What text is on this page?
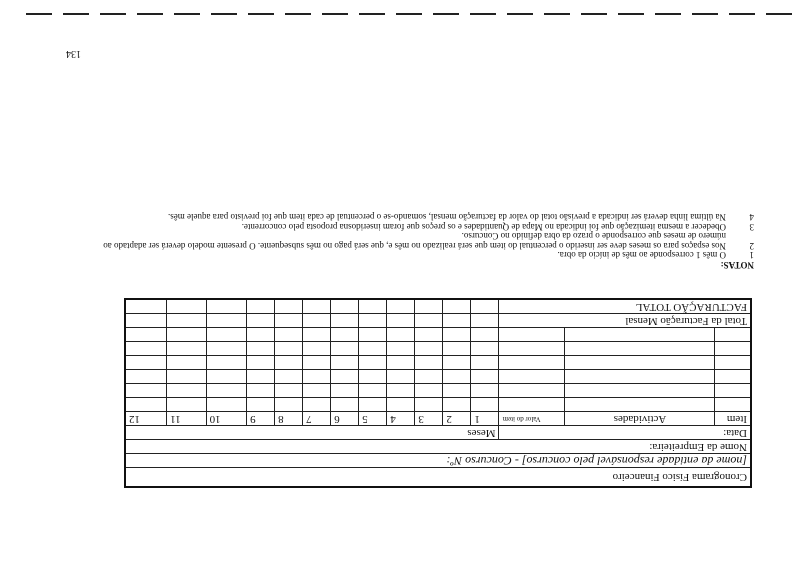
134
Cronograma Físico Financeiro														
[nome da entidade responsável pelo concurso] - Concurso Nº:														
Nome da Empreiteira:														
Data:			Meses											
Item	Actividades	Valor do item	1	2	3	4	5	6	7	8	9	10	11	12

Total da Facturação Mensal														
FACTURAÇÃO TOTAL														
NOTAS:
1
O mês 1 corresponde ao mês de início da obra.
2
Nos espaços para os meses deve ser inserido o percentual do item que será realizado no mês e, que será pago no mês subsequente. O presente modelo deverá ser adaptado ao número de meses que corresponde o prazo da obra definido no Concurso.
3
Obedecer a mesma itemização que foi indicada no Mapa de Quantidades e os preços que foram inseridosna proposta pelo concorrente.
4
Na última linha deverá ser indicada a previsão total do valor da facturação mensal, somando-se o percentual de cada item que foi previsto para aquele mês.
